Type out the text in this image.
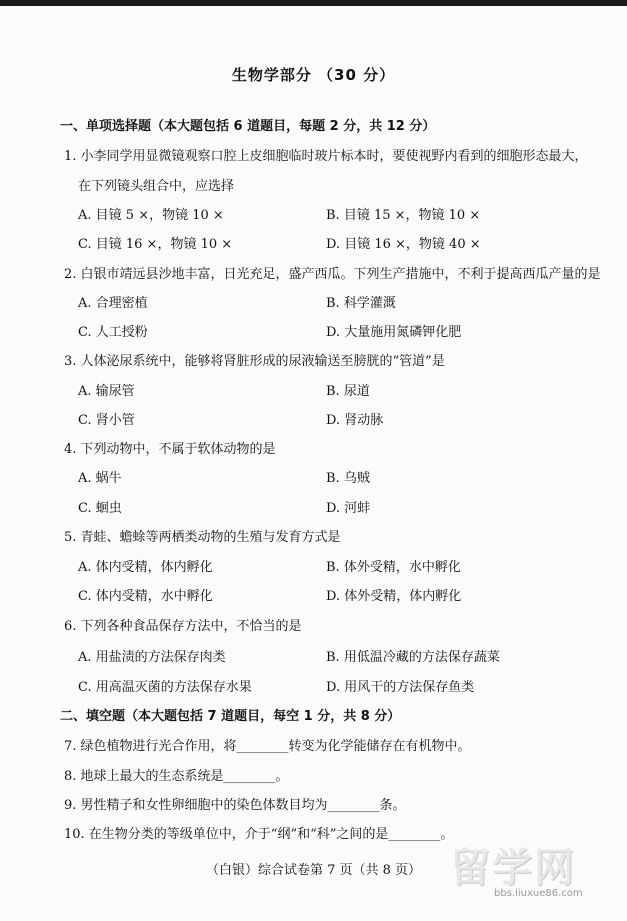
生物学部分 （30 分）
一、单项选择题（本大题包括 6 道题目，每题 2 分，共 12 分）
1. 小李同学用显微镜观察口腔上皮细胞临时玻片标本时，要使视野内看到的细胞形态最大，
在下列镜头组合中，应选择
A. 目镜 5 ×，物镜 10 ×	B. 目镜 15 ×，物镜 10 ×
C. 目镜 16 ×，物镜 10 ×	D. 目镜 16 ×，物镜 40 ×
2. 白银市靖远县沙地丰富，日光充足，盛产西瓜。下列生产措施中，不利于提高西瓜产量的是
A. 合理密植	B. 科学灌溉
C. 人工授粉	D. 大量施用氮磷钾化肥
3. 人体泌尿系统中，能够将肾脏形成的尿液输送至膀胱的“管道”是
A. 输尿管	B. 尿道
C. 肾小管	D. 肾动脉
4. 下列动物中，不属于软体动物的是
A. 蜗牛	B. 乌贼
C. 蛔虫	D. 河蚌
5. 青蛙、蟾蜍等两栖类动物的生殖与发育方式是
A. 体内受精，体内孵化	B. 体外受精，水中孵化
C. 体内受精，水中孵化	D. 体外受精，体内孵化
6. 下列各种食品保存方法中，不恰当的是
A. 用盐渍的方法保存肉类	B. 用低温冷藏的方法保存蔬菜
C. 用高温灭菌的方法保存水果	D. 用风干的方法保存鱼类
二、填空题（本大题包括 7 道题目，每空 1 分，共 8 分）
7. 绿色植物进行光合作用，将________转变为化学能储存在有机物中。
8. 地球上最大的生态系统是________。
9. 男性精子和女性卵细胞中的染色体数目均为________条。
10. 在生物分类的等级单位中，介于“纲”和“科”之间的是________。
（白银）综合试卷第 7 页（共 8 页） 留学网
bbs.liuxue86.com
